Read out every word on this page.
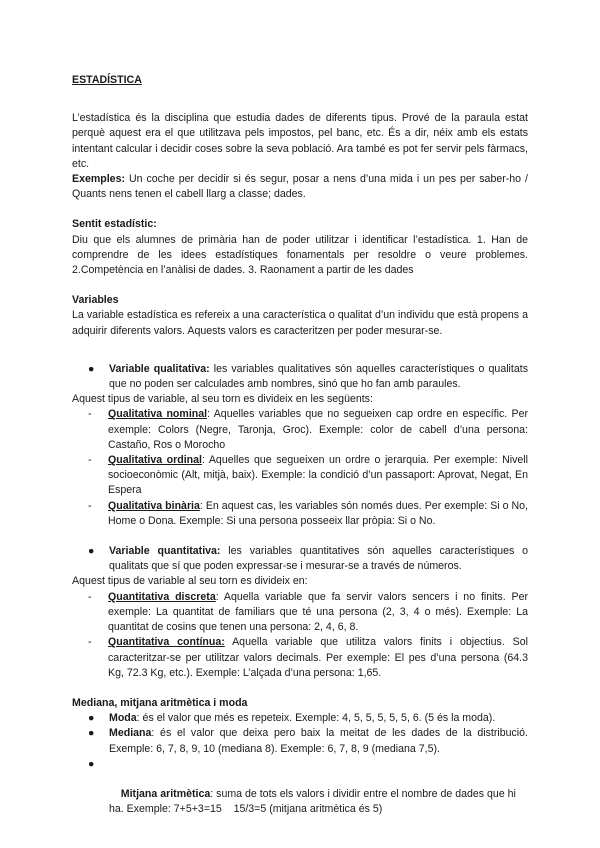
ESTADÍSTICA

L’estadística és la disciplina que estudia dades de diferents tipus. Prové de la paraula estat perquè aquest era el que utilitzava pels impostos, pel banc, etc. És a dir, néix amb els estats intentant calcular i decidir coses sobre la seva població. Ara també es pot fer servir pels fàrmacs, etc.

Exemples: Un coche per decidir si és segur, posar a nens d’una mida i un pes per saber-ho / Quants nens tenen el cabell llarg a classe; dades.

Sentit estadístic:

Diu que els alumnes de primària han de poder utilitzar i identificar l’estadística. 1. Han de comprendre de les idees estadístiques fonamentals per resoldre o veure problemes. 2.Competència en l’anàlisi de dades. 3. Raonament a partir de les dades

Variables

La variable estadística es refereix a una característica o qualitat d’un individu que està propens a adquirir diferents valors. Aquests valors es caracteritzen per poder mesurar-se.

● Variable qualitativa: les variables qualitatives són aquelles característiques o qualitats que no poden ser calculades amb nombres, sinó que ho fan amb paraules.

Aquest tipus de variable, al seu torn es divideix en les següents:

- Qualitativa nominal: Aquelles variables que no segueixen cap ordre en específic. Per exemple: Colors (Negre, Taronja, Groc). Exemple: color de cabell d’una persona: Castaño, Ros o Morocho
- Qualitativa ordinal: Aquelles que segueixen un ordre o jerarquia. Per exemple: Nivell socioeconòmic (Alt, mitjà, baix). Exemple: la condició d’un passaport: Aprovat, Negat, En Espera
- Qualitativa binària: En aquest cas, les variables són només dues. Per exemple: Si o No, Home o Dona. Exemple: Si una persona posseeix llar pròpia: Si o No.
● Variable quantitativa: les variables quantitatives són aquelles característiques o qualitats que sí que poden expressar-se i mesurar-se a través de números.

Aquest tipus de variable al seu torn es divideix en:

- Quantitativa discreta: Aquella variable que fa servir valors sencers i no finits. Per exemple: La quantitat de familiars que té una persona (2, 3, 4 o més). Exemple: La quantitat de cosins que tenen una persona: 2, 4, 6, 8.
- Quantitativa contínua: Aquella variable que utilitza valors finits i objectius. Sol caracteritzar-se per utilitzar valors decimals. Per exemple: El pes d’una persona (64.3 Kg, 72.3 Kg, etc.). Exemple: L’alçada d’una persona: 1,65.

Mediana, mitjana aritmètica i moda

● Moda: és el valor que més es repeteix. Exemple: 4, 5, 5, 5, 5, 5, 6. (5 és la moda).
● Mediana: és el valor que deixa pero baix la meitat de les dades de la distribució. Exemple: 6, 7, 8, 9, 10 (mediana 8). Exemple: 6, 7, 8, 9 (mediana 7,5).

●

Mitjana aritmètica: suma de tots els valors i dividir entre el nombre de dades que hi ha. Exemple: 7+5+3=15    15/3=5 (mitjana aritmètica és 5)
